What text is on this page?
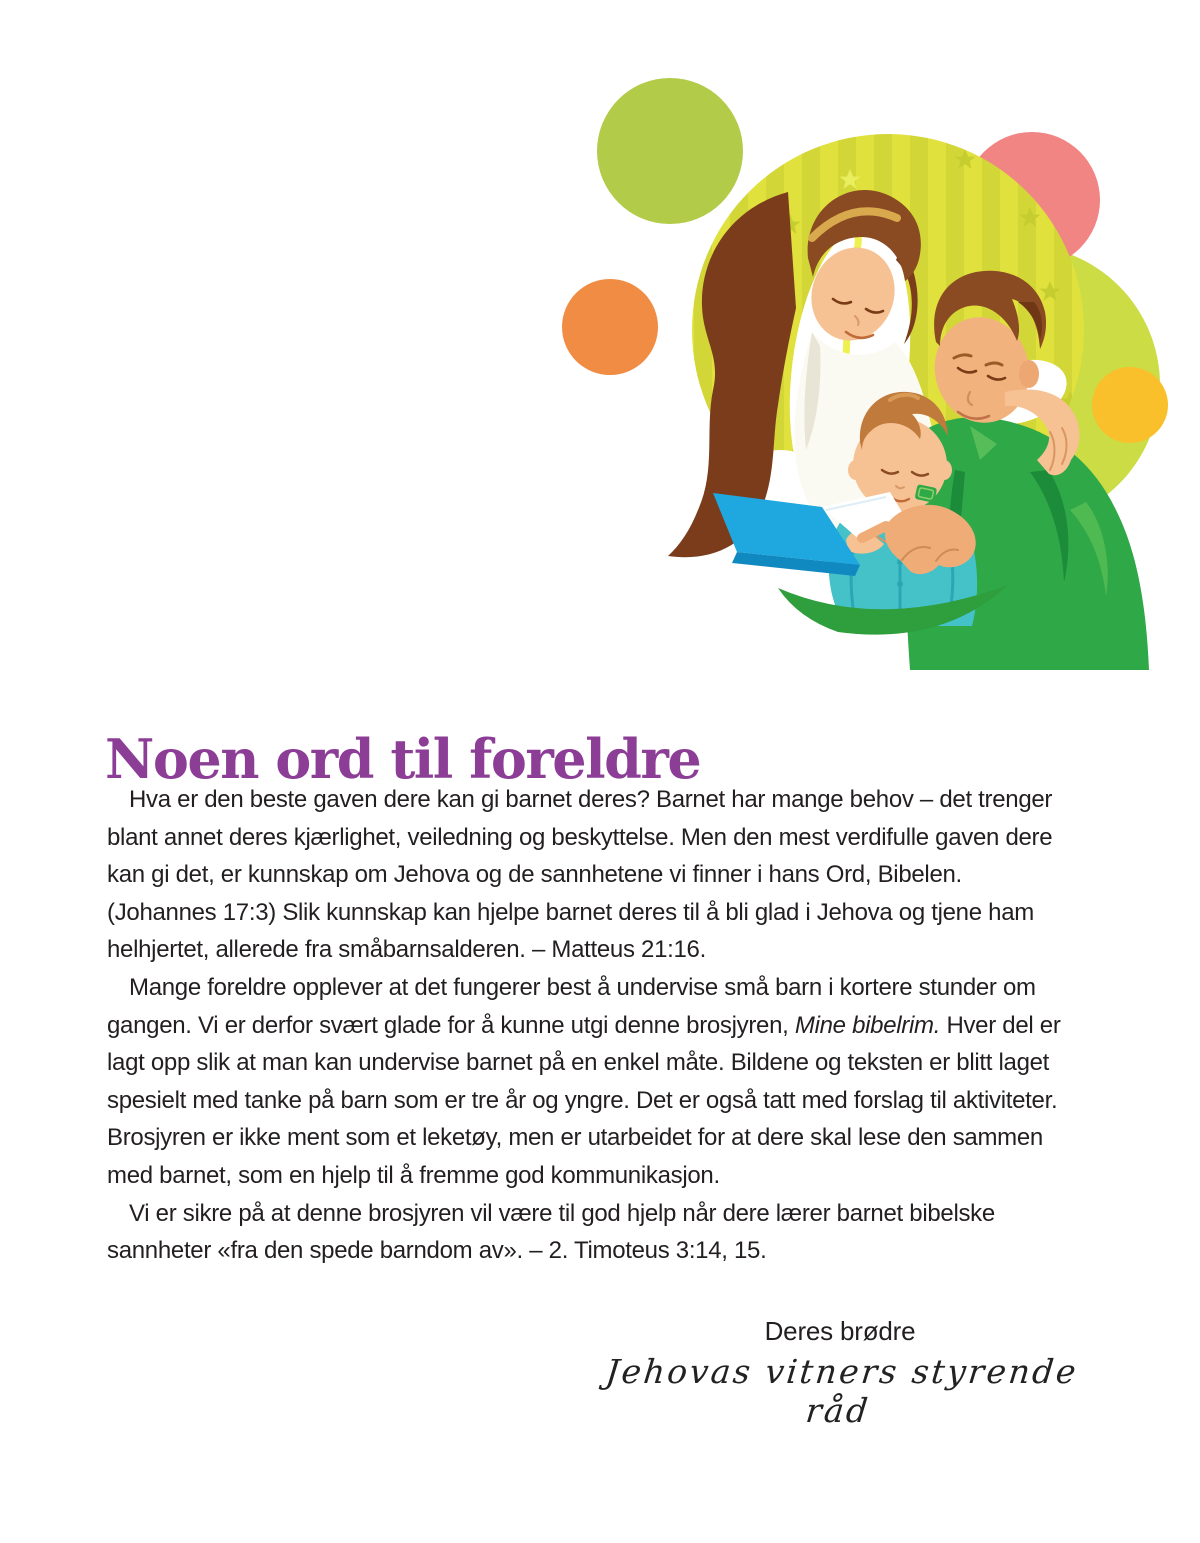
Noen ord til foreldre

Hva er den beste gaven dere kan gi barnet deres? Barnet har mange behov – det trenger blant annet deres kjærlighet, veiledning og beskyttelse. Men den mest verdifulle gaven dere kan gi det, er kunnskap om Jehova og de sannhetene vi finner i hans Ord, Bibelen. (Johannes 17:3) Slik kunnskap kan hjelpe barnet deres til å bli glad i Jehova og tjene ham helhjertet, allerede fra småbarnsalderen. – Matteus 21:16.

Mange foreldre opplever at det fungerer best å undervise små barn i kortere stunder om gangen. Vi er derfor svært glade for å kunne utgi denne brosjyren, Mine bibelrim. Hver del er lagt opp slik at man kan undervise barnet på en enkel måte. Bildene og teksten er blitt laget spesielt med tanke på barn som er tre år og yngre. Det er også tatt med forslag til aktiviteter. Brosjyren er ikke ment som et leketøy, men er utarbeidet for at dere skal lese den sammen med barnet, som en hjelp til å fremme god kommunikasjon.

Vi er sikre på at denne brosjyren vil være til god hjelp når dere lærer barnet bibelske sannheter «fra den spede barndom av». – 2. Timoteus 3:14, 15.

Deres brødre
Jehovas vitners styrende råd
